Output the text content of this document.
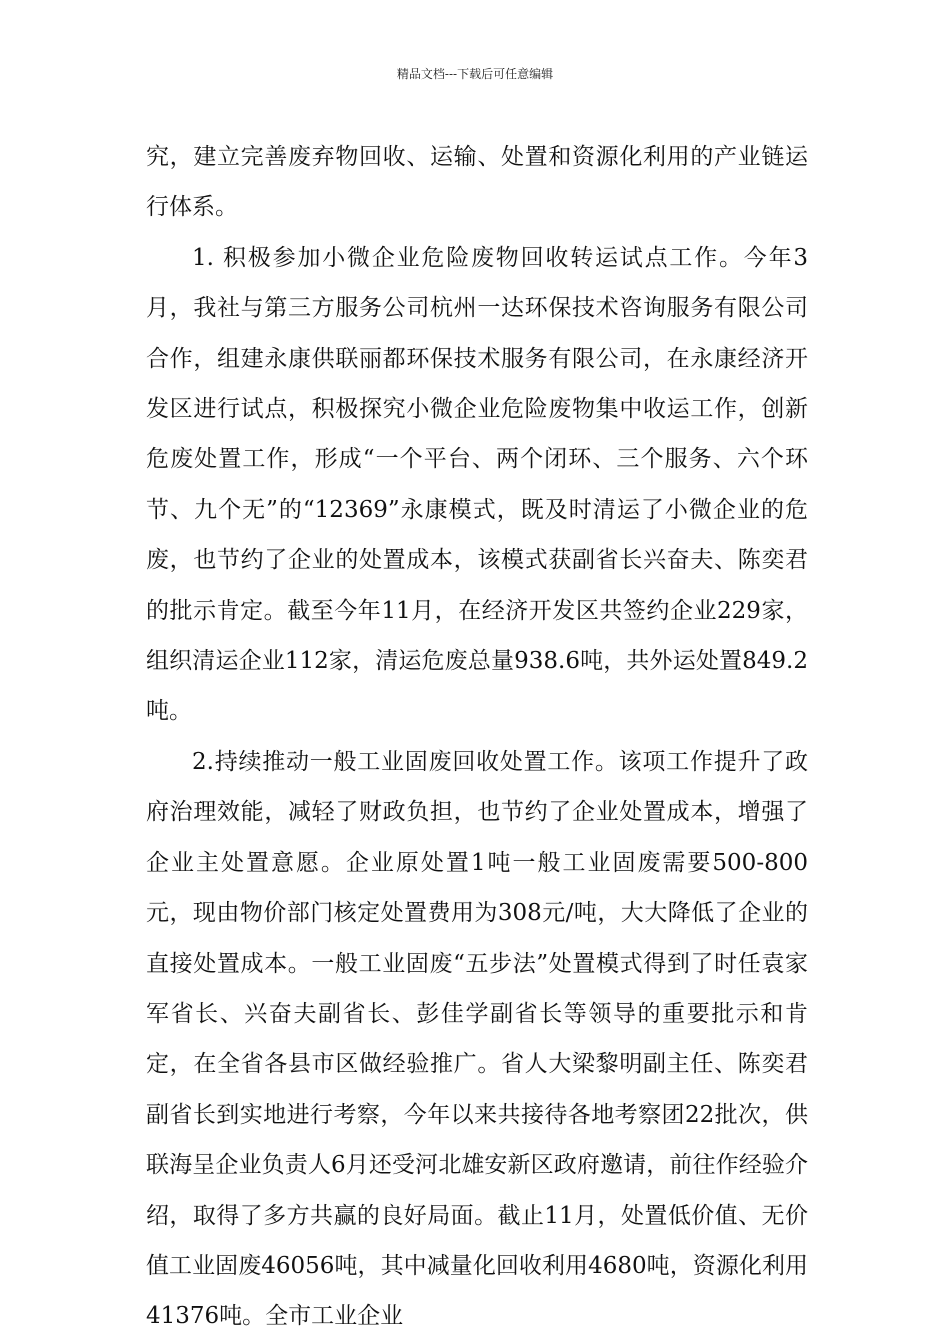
精品文档---下载后可任意编辑

究，建立完善废弃物回收、运输、处置和资源化利用的产业链运行体系。

1. 积极参加小微企业危险废物回收转运试点工作。今年3月，我社与第三方服务公司杭州一达环保技术咨询服务有限公司合作，组建永康供联丽都环保技术服务有限公司，在永康经济开发区进行试点，积极探究小微企业危险废物集中收运工作，创新危废处置工作，形成“一个平台、两个闭环、三个服务、六个环节、九个无”的“12369”永康模式，既及时清运了小微企业的危废，也节约了企业的处置成本，该模式获副省长兴奋夫、陈奕君的批示肯定。截至今年11月，在经济开发区共签约企业229家，组织清运企业112家，清运危废总量938.6吨，共外运处置849.2吨。

2.持续推动一般工业固废回收处置工作。该项工作提升了政府治理效能，减轻了财政负担，也节约了企业处置成本，增强了企业主处置意愿。企业原处置1吨一般工业固废需要500-800元，现由物价部门核定处置费用为308元/吨，大大降低了企业的直接处置成本。一般工业固废“五步法”处置模式得到了时任袁家军省长、兴奋夫副省长、彭佳学副省长等领导的重要批示和肯定，在全省各县市区做经验推广。省人大梁黎明副主任、陈奕君副省长到实地进行考察，今年以来共接待各地考察团22批次，供联海呈企业负责人6月还受河北雄安新区政府邀请，前往作经验介绍，取得了多方共赢的良好局面。截止11月，处置低价值、无价值工业固废46056吨，其中减量化回收利用4680吨，资源化利用41376吨。全市工业企业
